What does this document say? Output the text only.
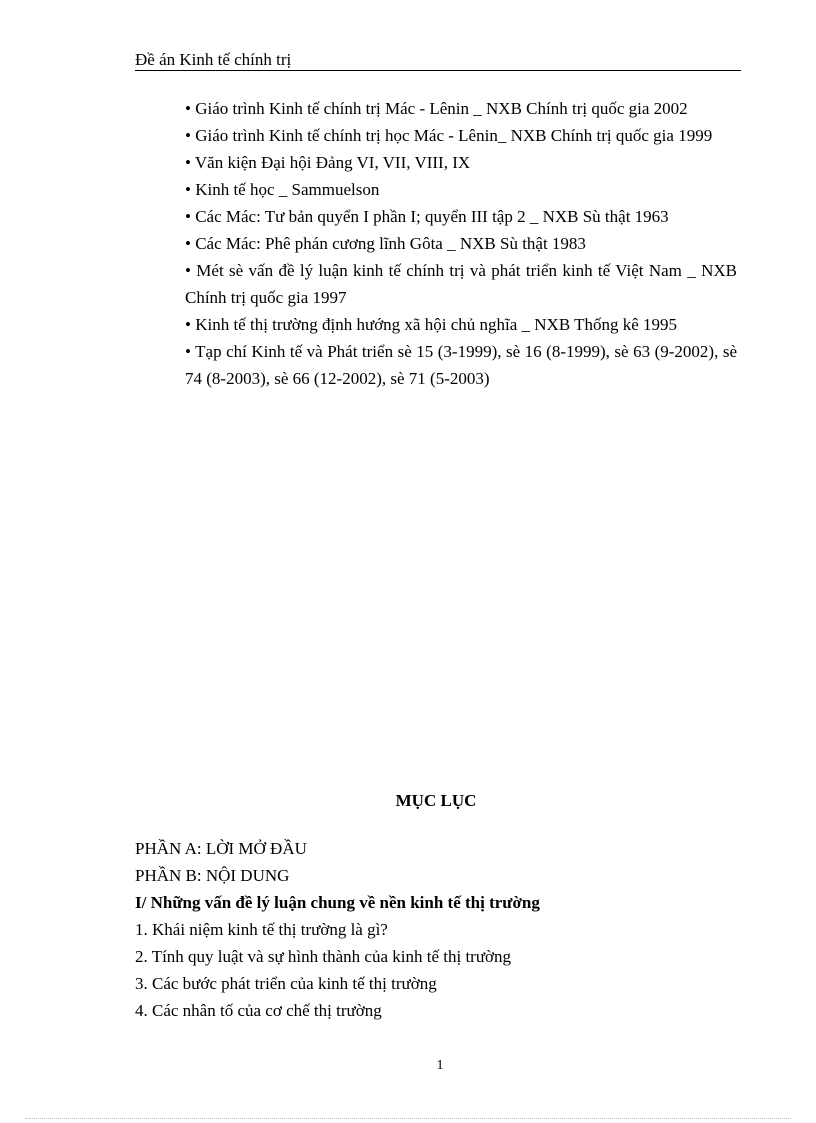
Đề án Kinh tế chính trị
• Giáo trình Kinh tế chính trị Mác - Lênin _ NXB Chính trị quốc gia 2002
• Giáo trình Kinh tế chính trị học Mác - Lênin_ NXB Chính trị quốc gia 1999
• Văn kiện Đại hội Đảng VI, VII, VIII, IX
• Kinh tế học _ Sammuelson
• Các Mác: Tư bản quyển I phần I; quyển III tập 2 _ NXB Sù thật 1963
• Các Mác: Phê phán cương lĩnh Gôta _ NXB Sù thật 1983
• Mét sè vấn đề lý luận kinh tế chính trị và phát triển kinh tế Việt Nam _ NXB Chính trị quốc gia 1997
• Kinh tế thị trường định hướng xã hội chủ nghĩa _ NXB Thống kê 1995
• Tạp chí Kinh tế và Phát triển sè 15 (3-1999), sè 16 (8-1999), sè 63 (9-2002), sè 74 (8-2003), sè 66 (12-2002), sè 71 (5-2003)
MỤC LỤC
PHẦN A: LỜI MỞ ĐẦU
PHẦN B: NỘI DUNG
I/ Những vấn đề lý luận chung về nền kinh tế thị trường
1. Khái niệm kinh tế thị trường là gì?
2. Tính quy luật và sự hình thành của kinh tế thị trường
3. Các bước phát triển của kinh tế thị trường
4. Các nhân tố của cơ chế thị trường
1
